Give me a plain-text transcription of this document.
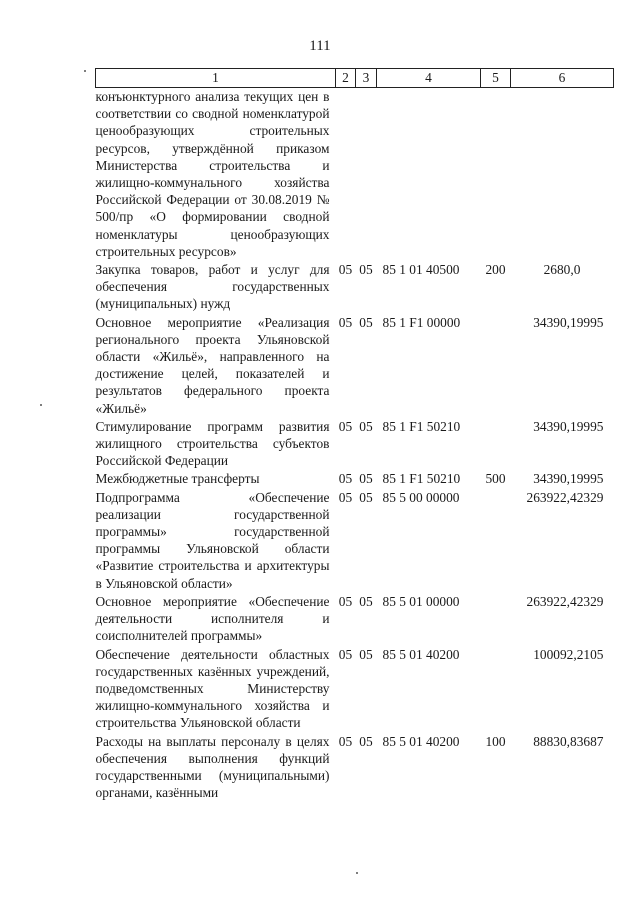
111
1	2	3	4	5	6
конъюнктурного анализа текущих цен в соответствии со сводной номенклатурой ценообразующих строительных ресурсов, утверждённой приказом Министерства строительства и жилищно-коммунального хозяйства Российской Федерации от 30.08.2019 № 500/пр «О формировании сводной номенклатуры ценообразующих строительных ресурсов»					
Закупка товаров, работ и услуг для обеспечения государственных (муниципальных) нужд	05	05	85 1 01 40500	200	2680,0
Основное мероприятие «Реализация регионального проекта Ульяновской области «Жильё», направленного на достижение целей, показателей и результатов федерального проекта «Жильё»	05	05	85 1 F1 00000		34390,19995
Стимулирование программ развития жилищного строительства субъектов Российской Федерации	05	05	85 1 F1 50210		34390,19995
Межбюджетные трансферты	05	05	85 1 F1 50210	500	34390,19995
Подпрограмма «Обеспечение реализации государственной программы» государственной программы Ульяновской области «Развитие строительства и архитектуры в Ульяновской области»	05	05	85 5 00 00000		263922,42329
Основное мероприятие «Обеспечение деятельности исполнителя и соисполнителей программы»	05	05	85 5 01 00000		263922,42329
Обеспечение деятельности областных государственных казённых учреждений, подведомственных Министерству жилищно-коммунального хозяйства и строительства Ульяновской области	05	05	85 5 01 40200		100092,2105
Расходы на выплаты персоналу в целях обеспечения выполнения функций государственными (муниципальными) органами, казёнными	05	05	85 5 01 40200	100	88830,83687
